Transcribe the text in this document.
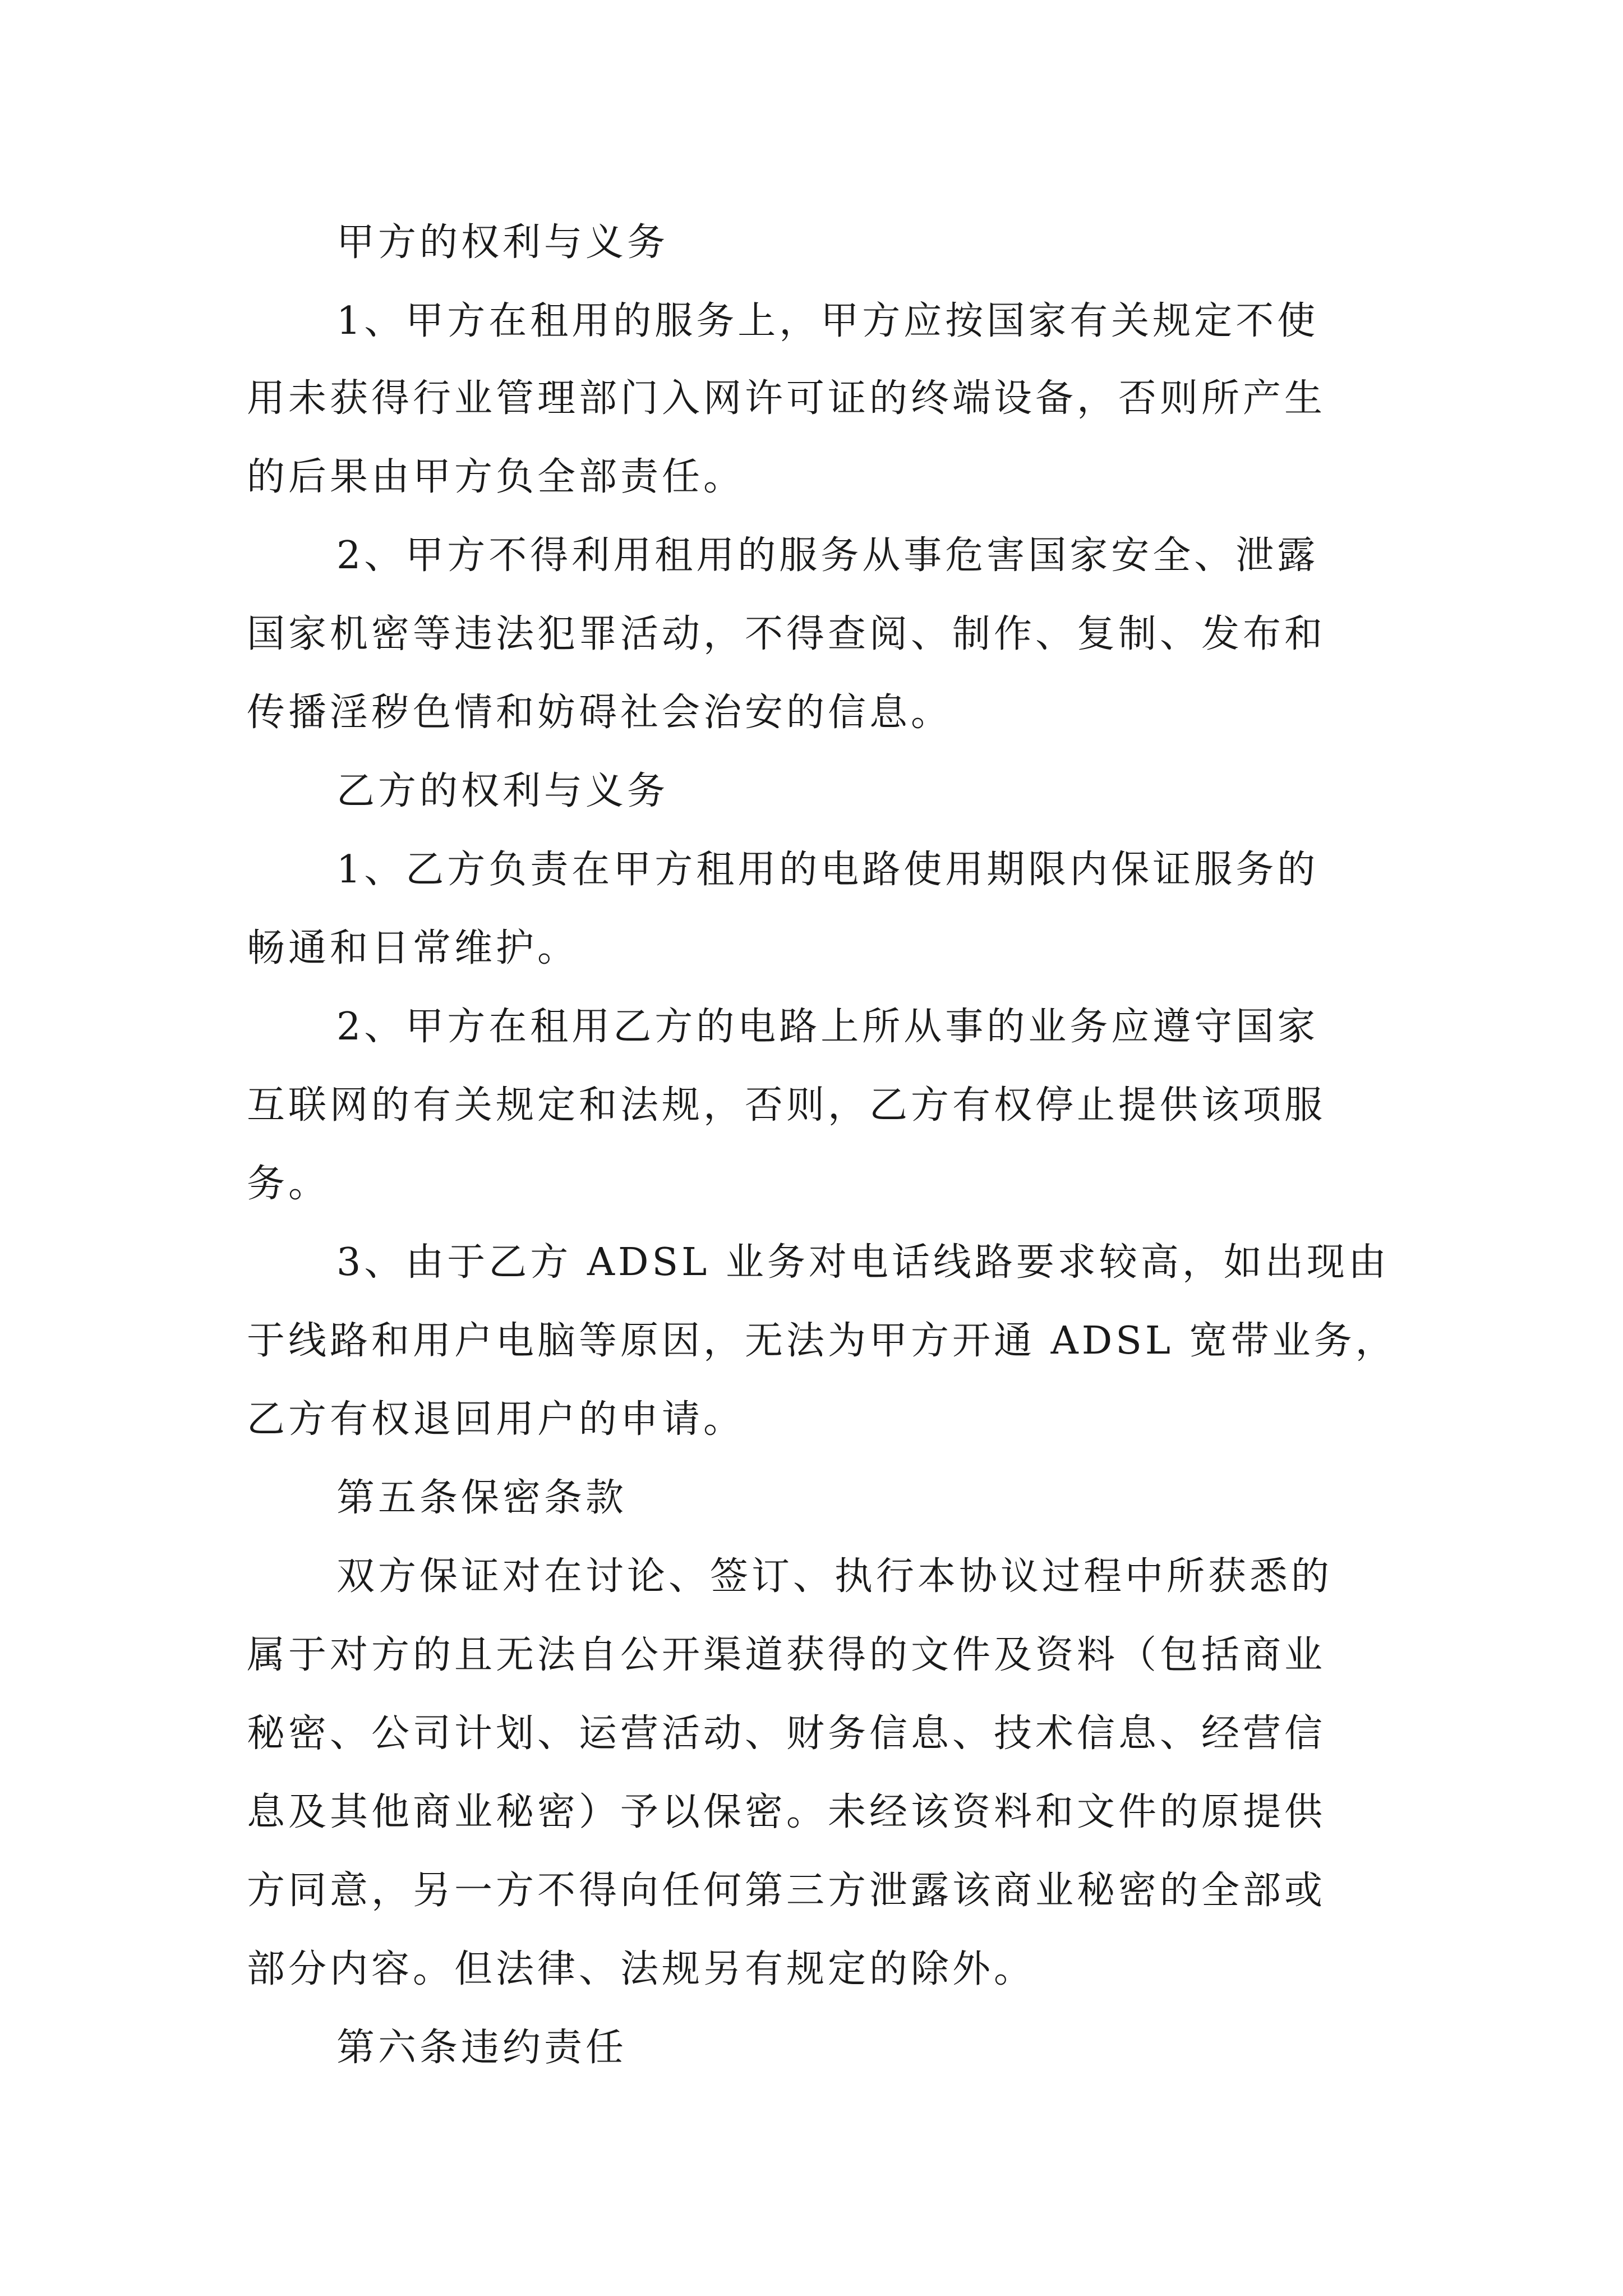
甲方的权利与义务
1、甲方在租用的服务上，甲方应按国家有关规定不使
用未获得行业管理部门入网许可证的终端设备，否则所产生
的后果由甲方负全部责任。
2、甲方不得利用租用的服务从事危害国家安全、泄露
国家机密等违法犯罪活动，不得查阅、制作、复制、发布和
传播淫秽色情和妨碍社会治安的信息。
乙方的权利与义务
1、乙方负责在甲方租用的电路使用期限内保证服务的
畅通和日常维护。
2、甲方在租用乙方的电路上所从事的业务应遵守国家
互联网的有关规定和法规，否则，乙方有权停止提供该项服
务。
3、由于乙方 ADSL 业务对电话线路要求较高，如出现由
于线路和用户电脑等原因，无法为甲方开通 ADSL 宽带业务，
乙方有权退回用户的申请。
第五条保密条款
双方保证对在讨论、签订、执行本协议过程中所获悉的
属于对方的且无法自公开渠道获得的文件及资料（包括商业
秘密、公司计划、运营活动、财务信息、技术信息、经营信
息及其他商业秘密）予以保密。未经该资料和文件的原提供
方同意，另一方不得向任何第三方泄露该商业秘密的全部或
部分内容。但法律、法规另有规定的除外。
第六条违约责任
